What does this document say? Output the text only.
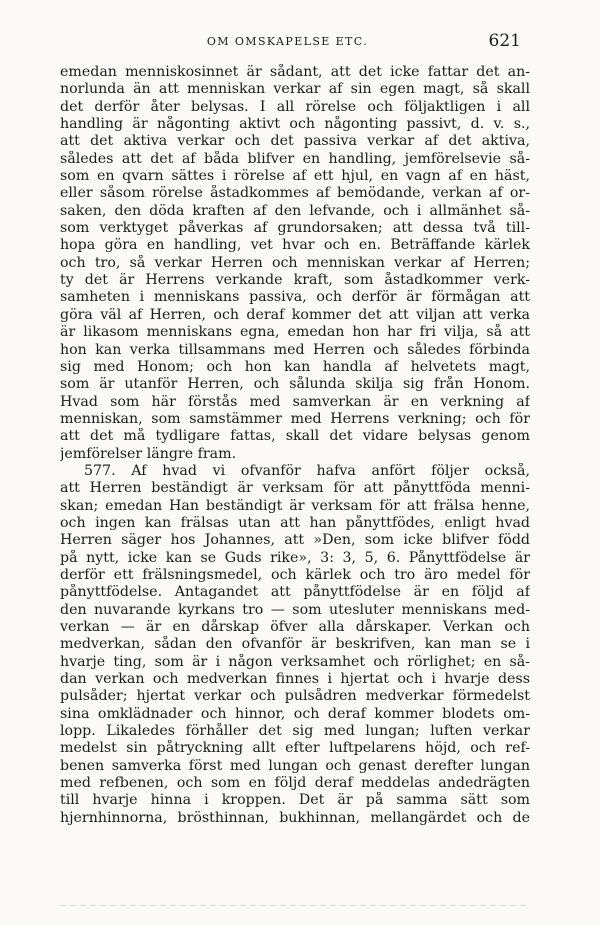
OM OMSKAPELSE ETC.	621
emedan menniskosinnet är sådant, att det icke fattar det an-
norlunda än att menniskan verkar af sin egen magt, så skall
det derför åter belysas. I all rörelse och följaktligen i all
handling är någonting aktivt och någonting passivt, d. v. s.,
att det aktiva verkar och det passiva verkar af det aktiva,
således att det af båda blifver en handling, jemförelsevie så-
som en qvarn sättes i rörelse af ett hjul, en vagn af en häst,
eller såsom rörelse åstadkommes af bemödande, verkan af or-
saken, den döda kraften af den lefvande, och i allmänhet så-
som verktyget påverkas af grundorsaken; att dessa två till-
hopa göra en handling, vet hvar och en. Beträffande kärlek
och tro, så verkar Herren och menniskan verkar af Herren;
ty det är Herrens verkande kraft, som åstadkommer verk-
samheten i menniskans passiva, och derför är förmågan att
göra väl af Herren, och deraf kommer det att viljan att verka
är likasom menniskans egna, emedan hon har fri vilja, så att
hon kan verka tillsammans med Herren och således förbinda
sig med Honom; och hon kan handla af helvetets magt,
som är utanför Herren, och sålunda skilja sig från Honom.
Hvad som här förstås med samverkan är en verkning af
menniskan, som samstämmer med Herrens verkning; och för
att det må tydligare fattas, skall det vidare belysas genom
jemförelser längre fram.
577. Af hvad vi ofvanför hafva anfört följer också,
att Herren beständigt är verksam för att pånyttföda menni-
skan; emedan Han beständigt är verksam för att frälsa henne,
och ingen kan frälsas utan att han pånyttfödes, enligt hvad
Herren säger hos Johannes, att »Den, som icke blifver född
på nytt, icke kan se Guds rike», 3: 3, 5, 6. Pånyttfödelse är
derför ett frälsningsmedel, och kärlek och tro äro medel för
pånyttfödelse. Antagandet att pånyttfödelse är en följd af
den nuvarande kyrkans tro — som utesluter menniskans med-
verkan — är en dårskap öfver alla dårskaper. Verkan och
medverkan, sådan den ofvanför är beskrifven, kan man se i
hvarje ting, som är i någon verksamhet och rörlighet; en så-
dan verkan och medverkan finnes i hjertat och i hvarje dess
pulsåder; hjertat verkar och pulsådren medverkar förmedelst
sina omklädnader och hinnor, och deraf kommer blodets om-
lopp. Likaledes förhåller det sig med lungan; luften verkar
medelst sin påtryckning allt efter luftpelarens höjd, och ref-
benen samverka först med lungan och genast derefter lungan
med refbenen, och som en följd deraf meddelas andedrägten
till hvarje hinna i kroppen. Det är på samma sätt som
hjernhinnorna, brösthinnan, bukhinnan, mellangärdet och de
